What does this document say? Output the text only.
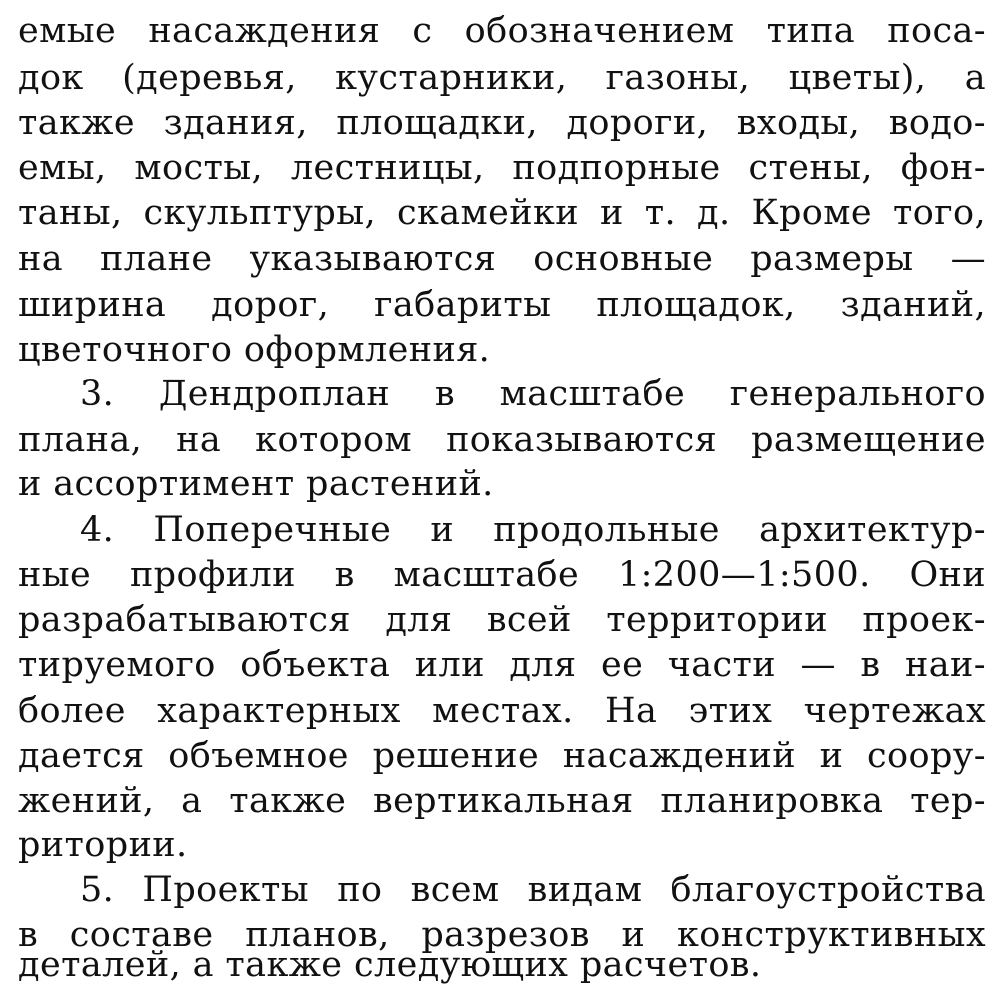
емые насаждения с обозначением типа поса-
док (деревья, кустарники, газоны, цветы), а
также здания, площадки, дороги, входы, водо-
емы, мосты, лестницы, подпорные стены, фон-
таны, скульптуры, скамейки и т. д. Кроме того,
на плане указываются основные размеры —
ширина дорог, габариты площадок, зданий,
цветочного оформления.
3. Дендроплан в масштабе генерального
плана, на котором показываются размещение
и ассортимент растений.
4. Поперечные и продольные архитектур-
ные профили в масштабе 1:200—1:500. Они
разрабатываются для всей территории проек-
тируемого объекта или для ее части — в наи-
более характерных местах. На этих чертежах
дается объемное решение насаждений и соору-
жений, а также вертикальная планировка тер-
ритории.
5. Проекты по всем видам благоустройства
в составе планов, разрезов и конструктивных
деталей, а также следующих расчетов.
